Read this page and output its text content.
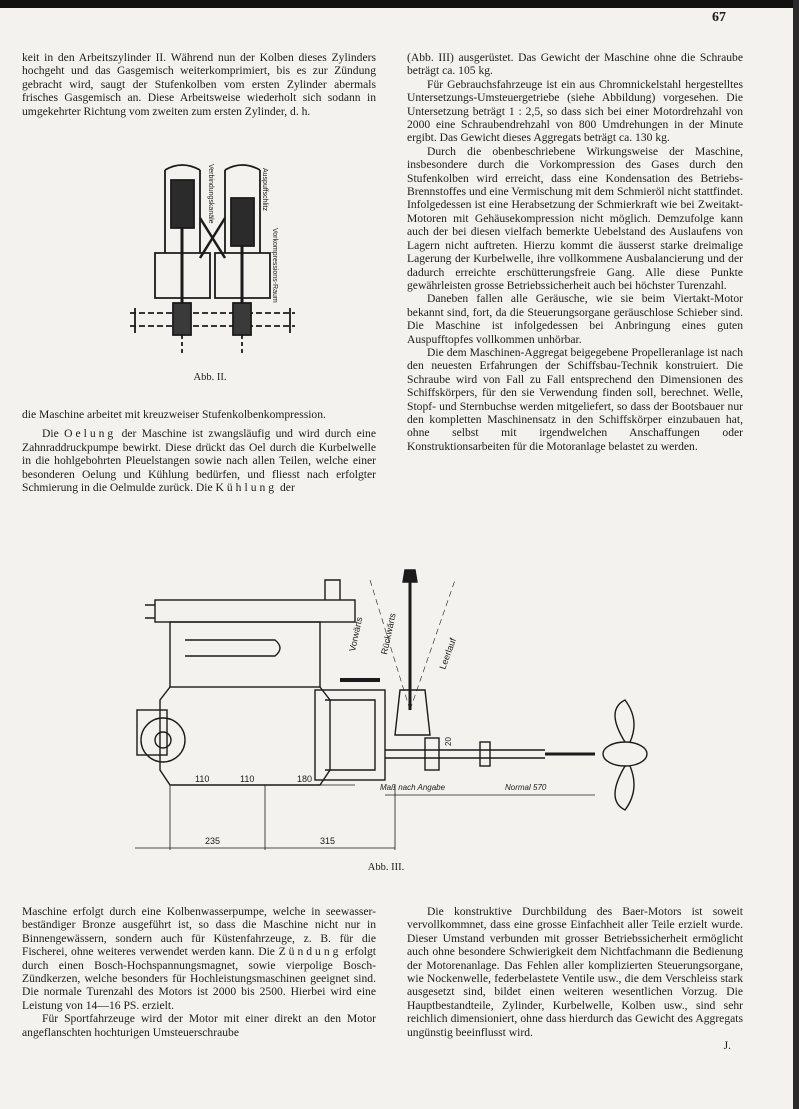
67

keit in den Arbeitszylinder II. Während nun der Kolben dieses Zylinders hochgeht und das Gasgemisch weiterkomprimiert, bis es zur Zündung gebracht wird, saugt der Stufenkolben vom ersten Zylinder abermals frisches Gasgemisch an. Diese Arbeitsweise wiederholt sich sodann in umgekehrter Richtung vom zweiten zum ersten Zylinder, d. h.

Verbindungskanäle	Auspuffschlitz
Vorkompressions-Raum
Abb. II.

die Maschine arbeitet mit kreuzweiser Stufenkolbenkompression.

Die Oelung der Maschine ist zwangsläufig und wird durch eine Zahnraddruckpumpe bewirkt. Diese drückt das Oel durch die Kurbelwelle in die hohlgebohrten Pleuelstangen sowie nach allen Teilen, welche einer besonderen Oelung und Kühlung bedürfen, und fliesst nach erfolgter Schmierung in die Oelmulde zurück. Die Kühlung der

(Abb. III) ausgerüstet. Das Gewicht der Maschine ohne die Schraube beträgt ca. 105 kg.

Für Gebrauchsfahrzeuge ist ein aus Chromnickelstahl hergestelltes Untersetzungs-Umsteuergetriebe (siehe Abbildung) vorgesehen. Die Untersetzung beträgt 1 : 2,5, so dass sich bei einer Motordrehzahl von 2000 eine Schraubendrehzahl von 800 Umdrehungen in der Minute ergibt. Das Gewicht dieses Aggregats beträgt ca. 130 kg.

Durch die obenbeschriebene Wirkungsweise der Maschine, insbesondere durch die Vorkompression des Gases durch den Stufenkolben wird erreicht, dass eine Kondensation des Betriebs-Brennstoffes und eine Vermischung mit dem Schmieröl nicht stattfindet. Infolgedessen ist eine Herabsetzung der Schmierkraft wie bei Zweitakt-Motoren mit Gehäusekompression nicht möglich. Demzufolge kann auch der bei diesen vielfach bemerkte Uebelstand des Auslaufens von Lagern nicht auftreten. Hierzu kommt die äusserst starke dreimalige Lagerung der Kurbelwelle, ihre vollkommene Ausbalancierung und der dadurch erreichte erschütterungsfreie Gang. Alle diese Punkte gewährleisten grosse Betriebssicherheit auch bei höchster Turenzahl.

Daneben fallen alle Geräusche, wie sie beim Viertakt-Motor bekannt sind, fort, da die Steuerungsorgane geräuschlose Schieber sind. Die Maschine ist infolgedessen bei Anbringung eines guten Auspufftopfes vollkommen unhörbar.

Die dem Maschinen-Aggregat beigegebene Propelleranlage ist nach den neuesten Erfahrungen der Schiffsbau-Technik konstruiert. Die Schraube wird von Fall zu Fall entsprechend den Dimensionen des Schiffskörpers, für den sie Verwendung finden soll, berechnet. Welle, Stopf- und Sternbuchse werden mitgeliefert, so dass der Bootsbauer nur den kompletten Maschinensatz in den Schiffskörper einzubauen hat, ohne selbst mit irgendwelchen Anschaffungen oder Konstruktionsarbeiten für die Motoranlage belastet zu werden.

Vorwärts Rückwärts	Leerlauf
110	110	180
235	315
20
Maß nach Angabe	Normal 570
Abb. III.

Maschine erfolgt durch eine Kolbenwasserpumpe, welche in seewasser-beständiger Bronze ausgeführt ist, so dass die Maschine nicht nur in Binnengewässern, sondern auch für Küstenfahrzeuge, z. B. für die Fischerei, ohne weiteres verwendet werden kann. Die Zündung erfolgt durch einen Bosch-Hochspannungsmagnet, sowie vierpolige Bosch-Zündkerzen, welche besonders für Hochleistungsmaschinen geeignet sind. Die normale Turenzahl des Motors ist 2000 bis 2500. Hierbei wird eine Leistung von 14—16 PS. erzielt.

Für Sportfahrzeuge wird der Motor mit einer direkt an den Motor angeflanschten hochturigen Umsteuerschraube

Die konstruktive Durchbildung des Baer-Motors ist soweit vervollkommnet, dass eine grosse Einfachheit aller Teile erzielt wurde. Dieser Umstand verbunden mit grosser Betriebssicherheit ermöglicht auch ohne besondere Schwierigkeit dem Nichtfachmann die Bedienung der Motorenanlage. Das Fehlen aller komplizierten Steuerungsorgane, wie Nockenwelle, federbelastete Ventile usw., die dem Verschleiss stark ausgesetzt sind, bildet einen weiteren wesentlichen Vorzug. Die Hauptbestandteile, Zylinder, Kurbelwelle, Kolben usw., sind sehr reichlich dimensioniert, ohne dass hierdurch das Gewicht des Aggregats ungünstig beeinflusst wird.

J.
